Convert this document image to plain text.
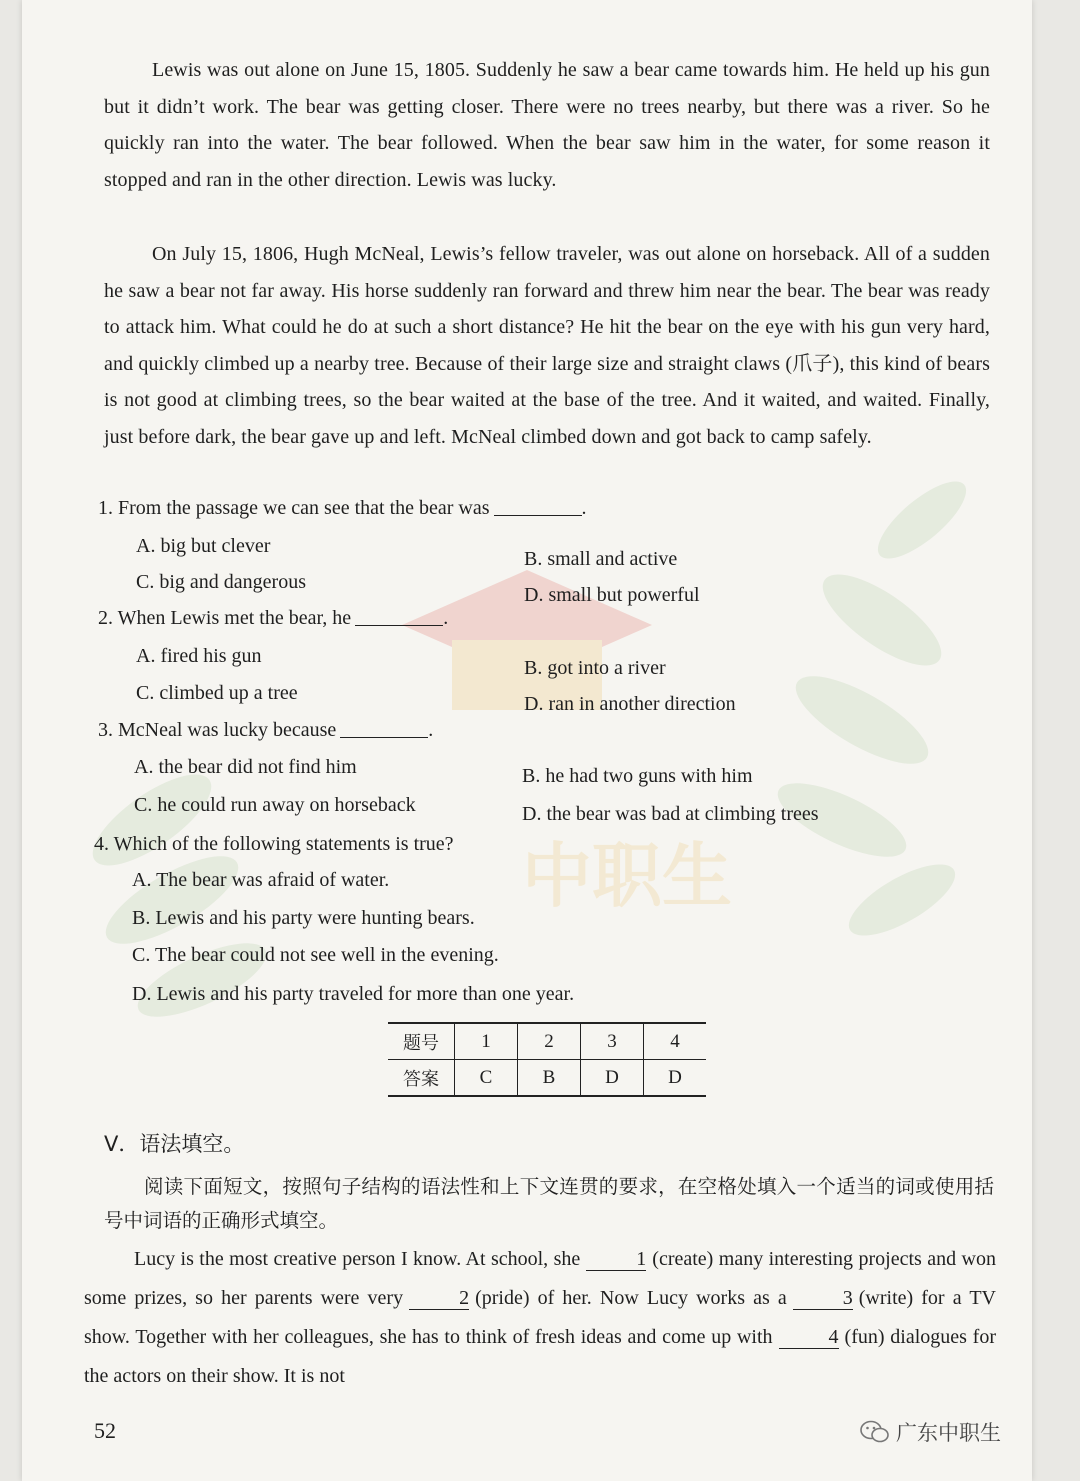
中职生

Lewis was out alone on June 15, 1805. Suddenly he saw a bear came towards him. He held up his gun but it didn’t work. The bear was getting closer. There were no trees nearby, but there was a river. So he quickly ran into the water. The bear followed. When the bear saw him in the water, for some reason it stopped and ran in the other direction. Lewis was lucky.

On July 15, 1806, Hugh McNeal, Lewis’s fellow traveler, was out alone on horseback. All of a sudden he saw a bear not far away. His horse suddenly ran forward and threw him near the bear. The bear was ready to attack him. What could he do at such a short distance? He hit the bear on the eye with his gun very hard, and quickly climbed up a nearby tree. Because of their large size and straight claws (爪子), this kind of bears is not good at climbing trees, so the bear waited at the base of the tree. And it waited, and waited. Finally, just before dark, the bear gave up and left. McNeal climbed down and got back to camp safely.

1. From the passage we can see that the bear was	.

A. big but clever

B. small and active

C. big and dangerous

D. small but powerful

2. When Lewis met the bear, he	.

A. fired his gun

B. got into a river

C. climbed up a tree	D. ran in another direction

3. McNeal was lucky because	.

A. the bear did not find him	B. he had two guns with him

C. he could run away on horseback	D. the bear was bad at climbing trees

4. Which of the following statements is true?

A. The bear was afraid of water.

B. Lewis and his party were hunting bears.

C. The bear could not see well in the evening.

D. Lewis and his party traveled for more than one year.

题号	1	2	3	4
答案	C	B	D	D
V．语法填空。

阅读下面短文，按照句子结构的语法性和上下文连贯的要求，在空格处填入一个适当的词或使用括号中词语的正确形式填空。

Lucy is the most creative person I know. At school, she	1 (create) many interesting projects and won some prizes, so her parents were very	2 (pride) of her. Now Lucy works as a	3 (write) for a TV show. Together with her colleagues, she has to think of fresh ideas and come up with	4 (fun) dialogues for the actors on their show. It is not

52	广东中职生
